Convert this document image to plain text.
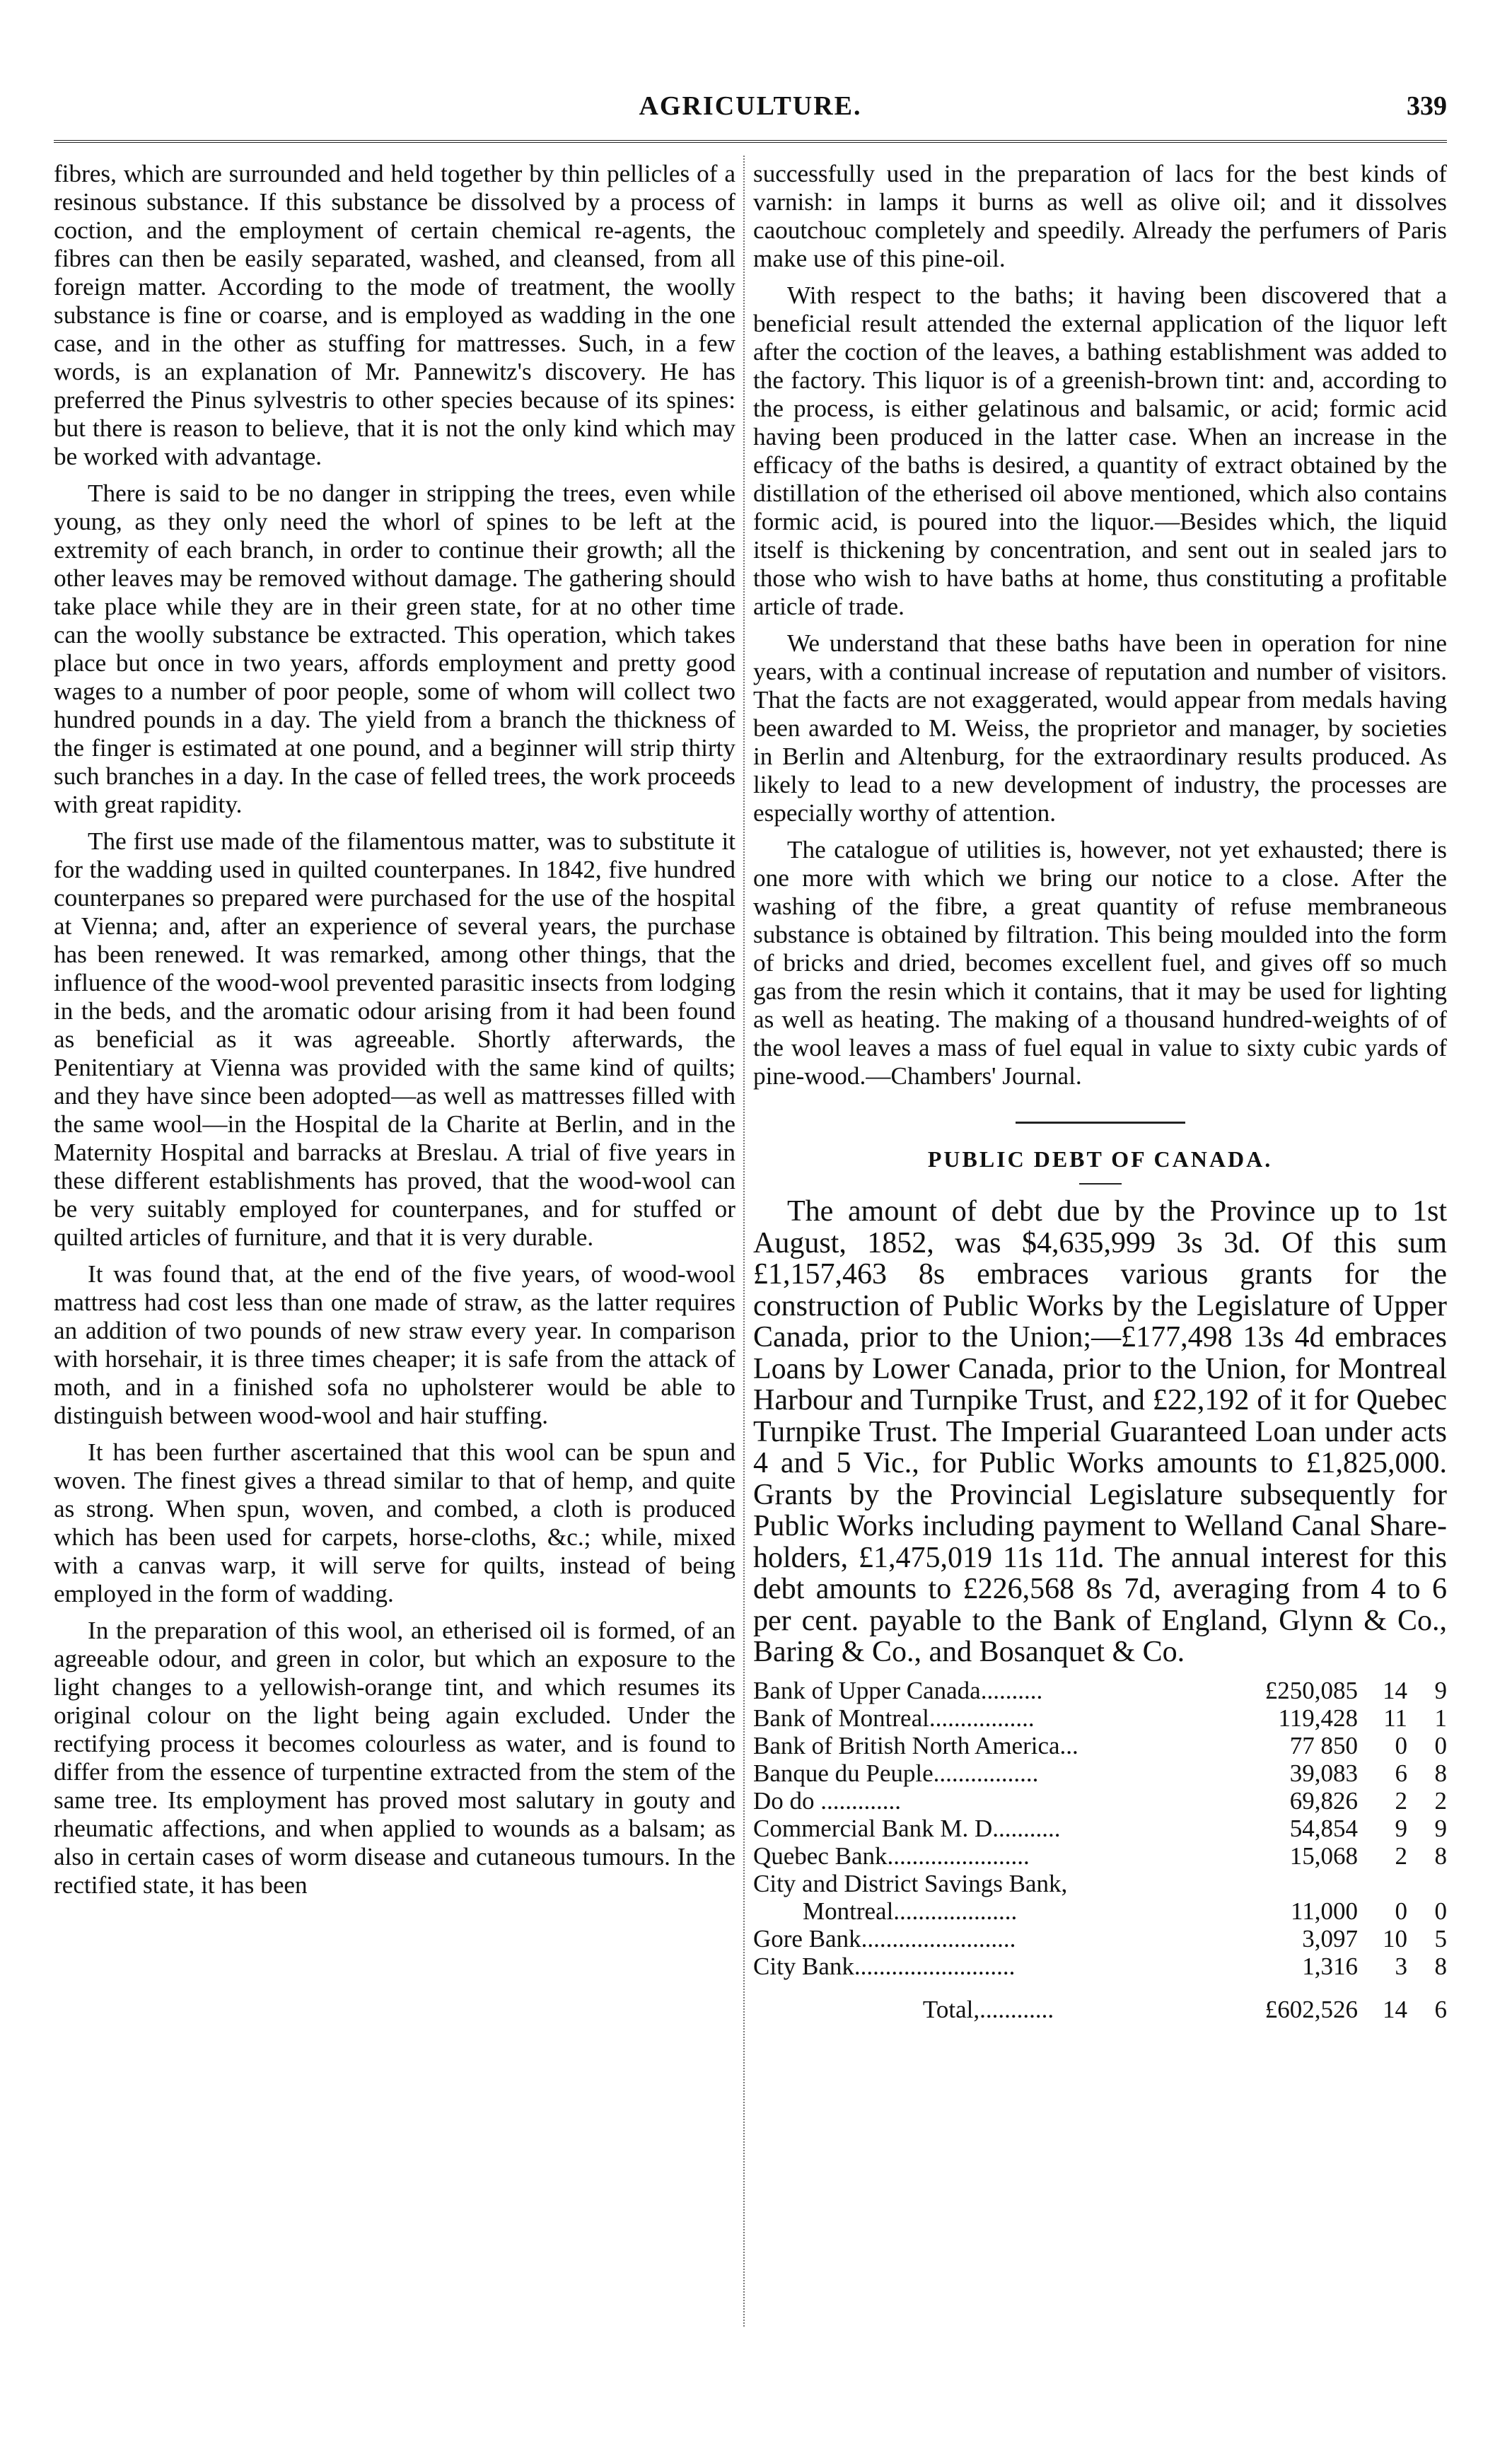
AGRICULTURE.	339

fibres, which are surrounded and held together by thin pellicles of a resinous substance. If this substance be dissolved by a process of coction, and the employment of certain chemical re-agents, the fibres can then be easily separated, washed, and cleansed, from all foreign matter. According to the mode of treatment, the woolly substance is fine or coarse, and is employed as wadding in the one case, and in the other as stuffing for mattresses. Such, in a few words, is an explanation of Mr. Pannewitz's discovery. He has preferred the Pinus sylvestris to other species because of its spines: but there is reason to believe, that it is not the only kind which may be worked with advantage.

There is said to be no danger in stripping the trees, even while young, as they only need the whorl of spines to be left at the extremity of each branch, in order to continue their growth; all the other leaves may be removed without damage. The gathering should take place while they are in their green state, for at no other time can the woolly substance be extracted. This operation, which takes place but once in two years, affords employment and pretty good wages to a number of poor people, some of whom will collect two hundred pounds in a day. The yield from a branch the thickness of the finger is estimated at one pound, and a beginner will strip thirty such branches in a day. In the case of felled trees, the work proceeds with great rapidity.

The first use made of the filamentous matter, was to substitute it for the wadding used in quilted counterpanes. In 1842, five hundred counterpanes so prepared were purchased for the use of the hospital at Vienna; and, after an experience of several years, the purchase has been renewed. It was remarked, among other things, that the influence of the wood-wool prevented parasitic insects from lodging in the beds, and the aromatic odour arising from it had been found as beneficial as it was agreeable. Shortly afterwards, the Penitentiary at Vienna was provided with the same kind of quilts; and they have since been adopted—as well as mattresses filled with the same wool—in the Hospital de la Charite at Berlin, and in the Maternity Hospital and barracks at Breslau. A trial of five years in these different establishments has proved, that the wood-wool can be very suitably employed for counterpanes, and for stuffed or quilted articles of furniture, and that it is very durable.

It was found that, at the end of the five years, of wood-wool mattress had cost less than one made of straw, as the latter requires an addition of two pounds of new straw every year. In comparison with horsehair, it is three times cheaper; it is safe from the attack of moth, and in a finished sofa no upholsterer would be able to distinguish between wood-wool and hair stuffing.

It has been further ascertained that this wool can be spun and woven. The finest gives a thread similar to that of hemp, and quite as strong. When spun, woven, and combed, a cloth is produced which has been used for carpets, horse-cloths, &c.; while, mixed with a canvas warp, it will serve for quilts, instead of being employed in the form of wadding.

In the preparation of this wool, an etherised oil is formed, of an agreeable odour, and green in color, but which an exposure to the light changes to a yellowish-orange tint, and which resumes its original colour on the light being again excluded. Under the rectifying process it becomes colourless as water, and is found to differ from the essence of turpentine extracted from the stem of the same tree. Its employment has proved most salutary in gouty and rheumatic affections, and when applied to wounds as a balsam; as also in certain cases of worm disease and cutaneous tumours. In the rectified state, it has been

successfully used in the preparation of lacs for the best kinds of varnish: in lamps it burns as well as olive oil; and it dissolves caoutchouc completely and speedily. Already the perfumers of Paris make use of this pine-oil.

With respect to the baths; it having been discovered that a beneficial result attended the external application of the liquor left after the coction of the leaves, a bathing establishment was added to the factory. This liquor is of a greenish-brown tint: and, according to the process, is either gelatinous and balsamic, or acid; formic acid having been produced in the latter case. When an increase in the efficacy of the baths is desired, a quantity of extract obtained by the distillation of the etherised oil above mentioned, which also contains formic acid, is poured into the liquor.—Besides which, the liquid itself is thickening by concentration, and sent out in sealed jars to those who wish to have baths at home, thus constituting a profitable article of trade.

We understand that these baths have been in operation for nine years, with a continual increase of reputation and number of visitors. That the facts are not exaggerated, would appear from medals having been awarded to M. Weiss, the proprietor and manager, by societies in Berlin and Altenburg, for the extraordinary results produced. As likely to lead to a new development of industry, the processes are especially worthy of attention.

The catalogue of utilities is, however, not yet exhausted; there is one more with which we bring our notice to a close. After the washing of the fibre, a great quantity of refuse membraneous substance is obtained by filtration. This being moulded into the form of bricks and dried, becomes excellent fuel, and gives off so much gas from the resin which it contains, that it may be used for lighting as well as heating. The making of a thousand hundred-weights of of the wool leaves a mass of fuel equal in value to sixty cubic yards of pine-wood.—Chambers' Journal.

PUBLIC DEBT OF CANADA.

The amount of debt due by the Province up to 1st August, 1852, was $4,635,999 3s 3d. Of this sum £1,157,463 8s embraces various grants for the construction of Public Works by the Legislature of Upper Canada, prior to the Union;—£177,498 13s 4d embraces Loans by Lower Canada, prior to the Union, for Montreal Harbour and Turnpike Trust, and £22,192 of it for Quebec Turnpike Trust. The Imperial Guaranteed Loan under acts 4 and 5 Vic., for Public Works amounts to £1,825,000. Grants by the Provincial Legislature subsequently for Public Works including payment to Welland Canal Share-holders, £1,475,019 11s 11d. The annual interest for this debt amounts to £226,568 8s 7d, averaging from 4 to 6 per cent. payable to the Bank of England, Glynn & Co., Baring & Co., and Bosanquet & Co.

Bank of Upper Canada..........	£250,085	14	9
Bank of Montreal.................	119,428	11	1
Bank of British North America...	77 850	0	0
Banque du Peuple.................	39,083	6	8
Do do .............	69,826	2	2
Commercial Bank M. D...........	54,854	9	9
Quebec Bank.......................	15,068	2	8
City and District Savings Bank,			
Montreal....................	11,000	0	0
Gore Bank.........................	3,097	10	5
City Bank..........................	1,316	3	8
Total,............	£602,526	14	6
